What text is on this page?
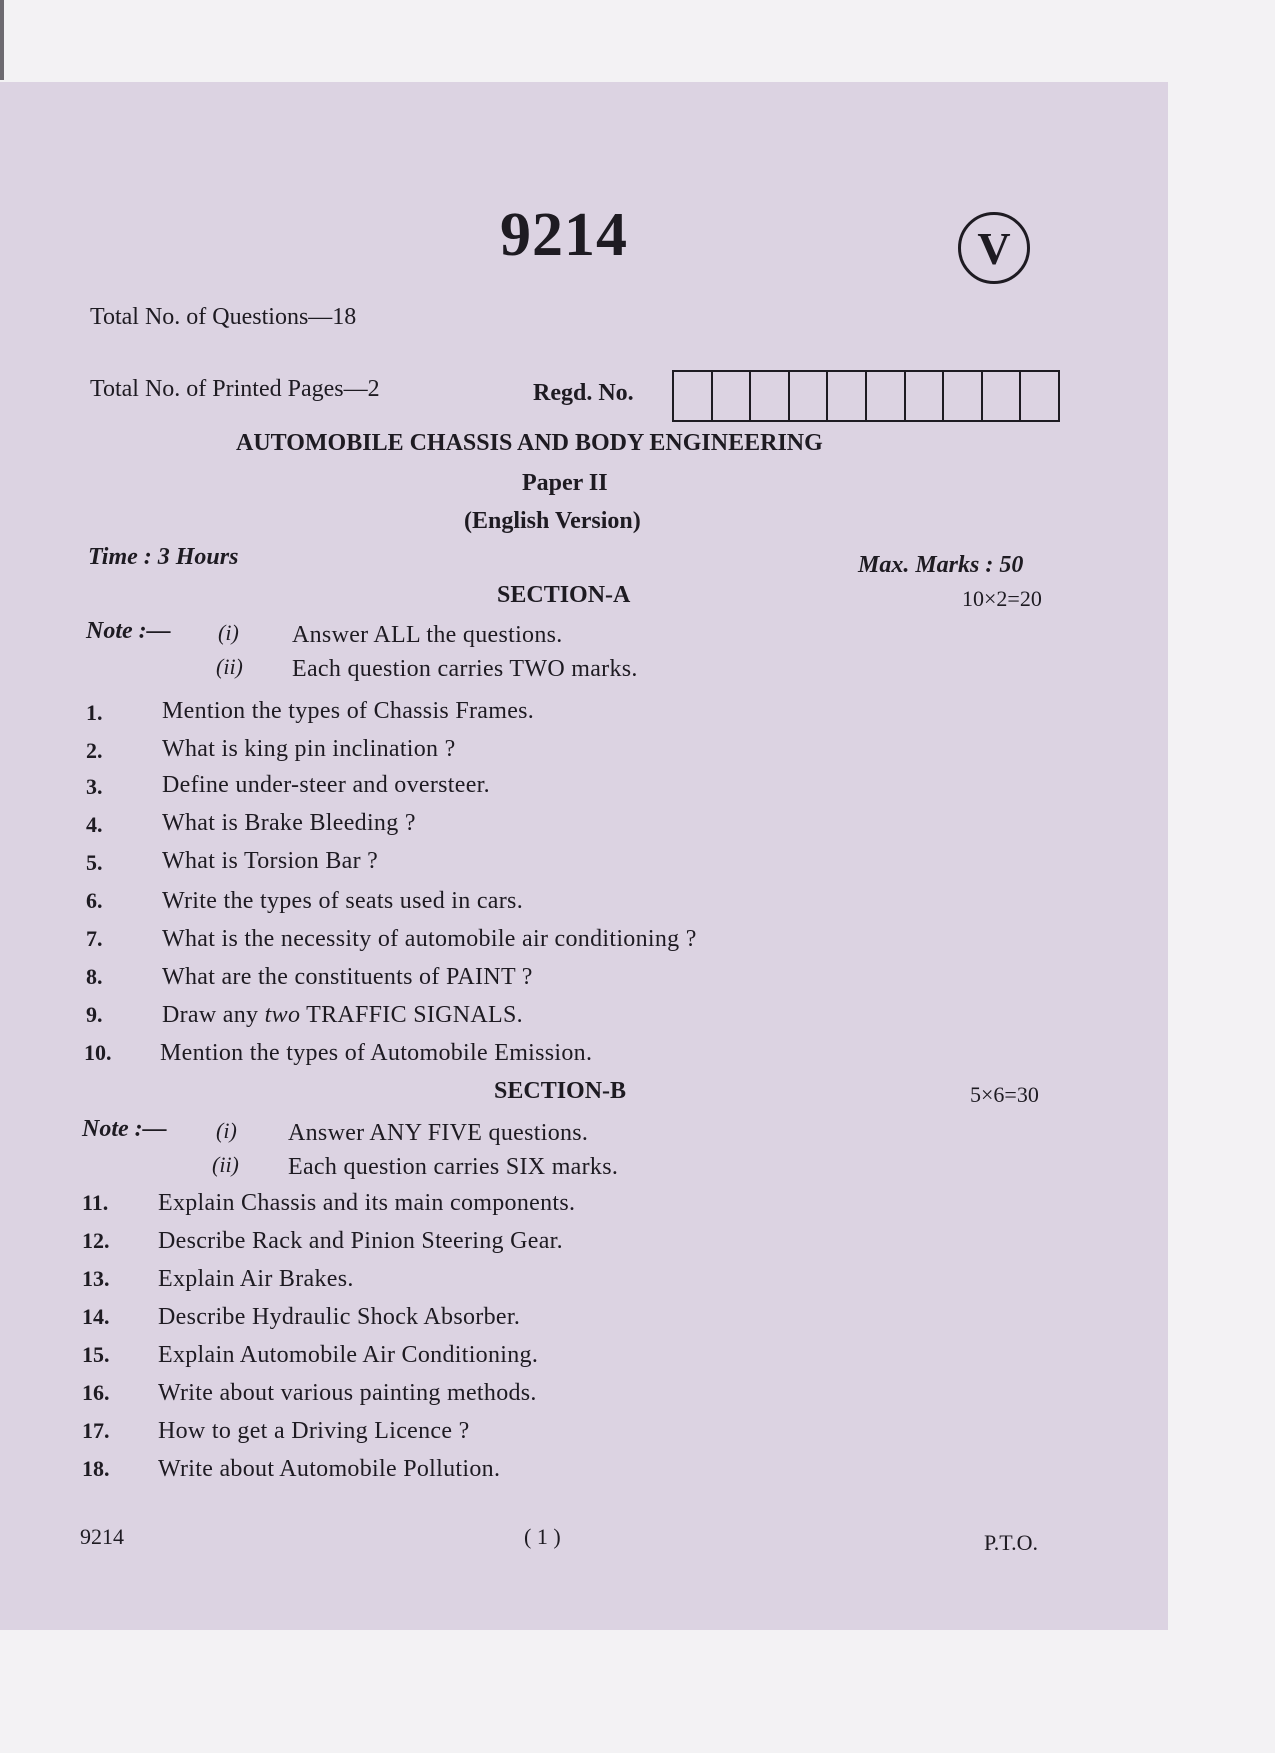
9214	V
Total No. of Questions—18
Total No. of Printed Pages—2	Regd. No.
AUTOMOBILE CHASSIS AND BODY ENGINEERING
Paper II
(English Version)
Time : 3 Hours	Max. Marks : 50
SECTION-A	10×2=20
Note :— (i) Answer ALL the questions.
(ii) Each question carries TWO marks.
1. Mention the types of Chassis Frames.
2. What is king pin inclination ?
3. Define under-steer and oversteer.
4. What is Brake Bleeding ?
5. What is Torsion Bar ?
6. Write the types of seats used in cars.
7. What is the necessity of automobile air conditioning ?
8. What are the constituents of PAINT ?
9. Draw any two TRAFFIC SIGNALS.
10. Mention the types of Automobile Emission.
SECTION-B	5×6=30
Note :— (i) Answer ANY FIVE questions.
(ii) Each question carries SIX marks.
11. Explain Chassis and its main components.
12. Describe Rack and Pinion Steering Gear.
13. Explain Air Brakes.
14. Describe Hydraulic Shock Absorber.
15. Explain Automobile Air Conditioning.
16. Write about various painting methods.
17. How to get a Driving Licence ?
18. Write about Automobile Pollution.
9214	( 1 )	P.T.O.
